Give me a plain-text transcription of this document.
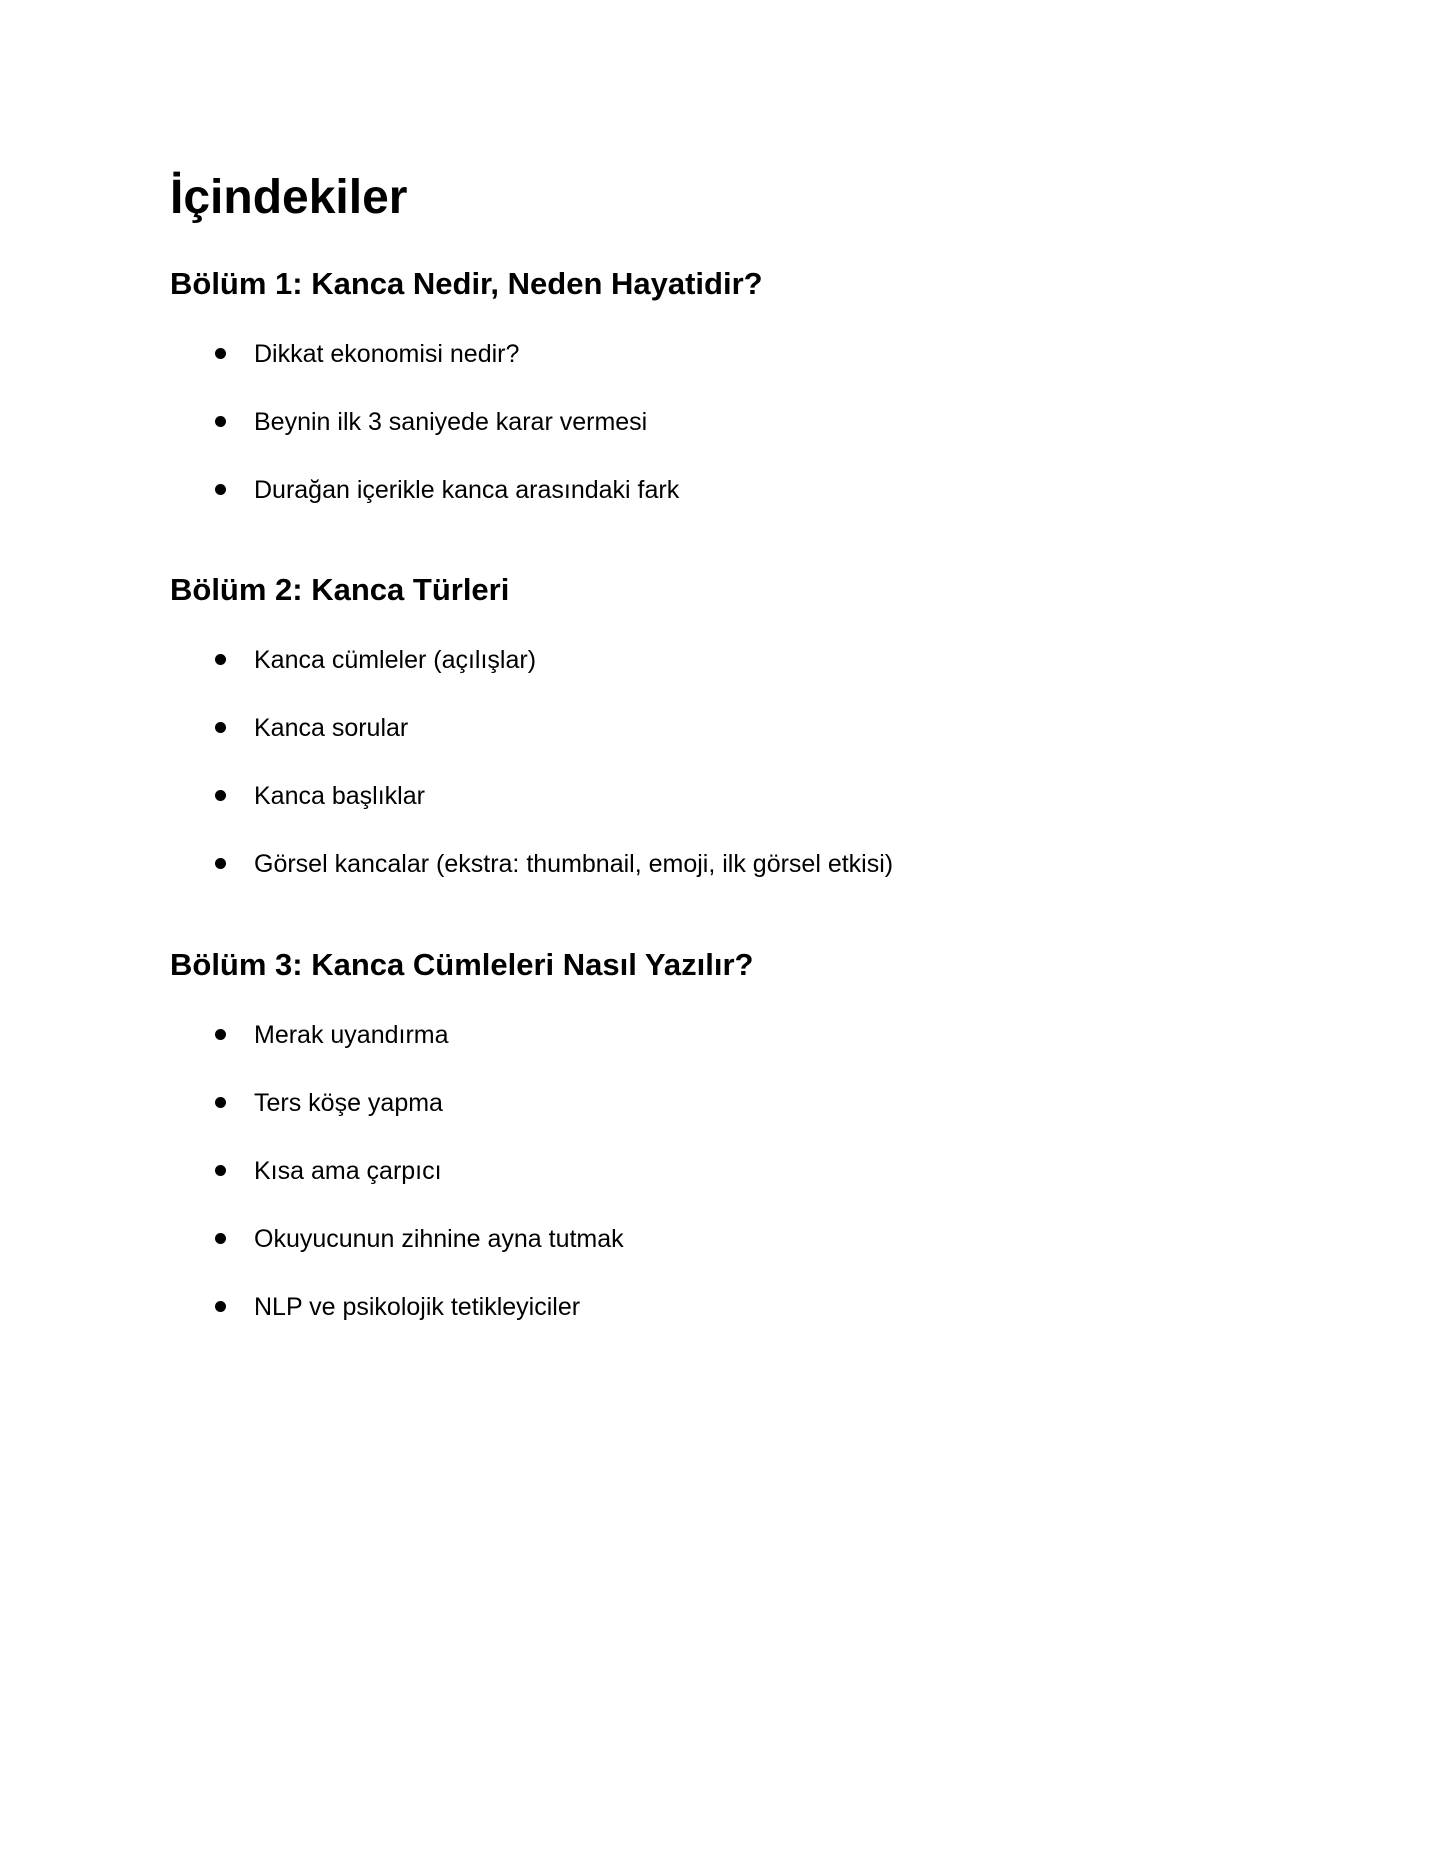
İçindekiler
Bölüm 1: Kanca Nedir, Neden Hayatidir?
Dikkat ekonomisi nedir?
Beynin ilk 3 saniyede karar vermesi
Durağan içerikle kanca arasındaki fark
Bölüm 2: Kanca Türleri
Kanca cümleler (açılışlar)
Kanca sorular
Kanca başlıklar
Görsel kancalar (ekstra: thumbnail, emoji, ilk görsel etkisi)
Bölüm 3: Kanca Cümleleri Nasıl Yazılır?
Merak uyandırma
Ters köşe yapma
Kısa ama çarpıcı
Okuyucunun zihnine ayna tutmak
NLP ve psikolojik tetikleyiciler
